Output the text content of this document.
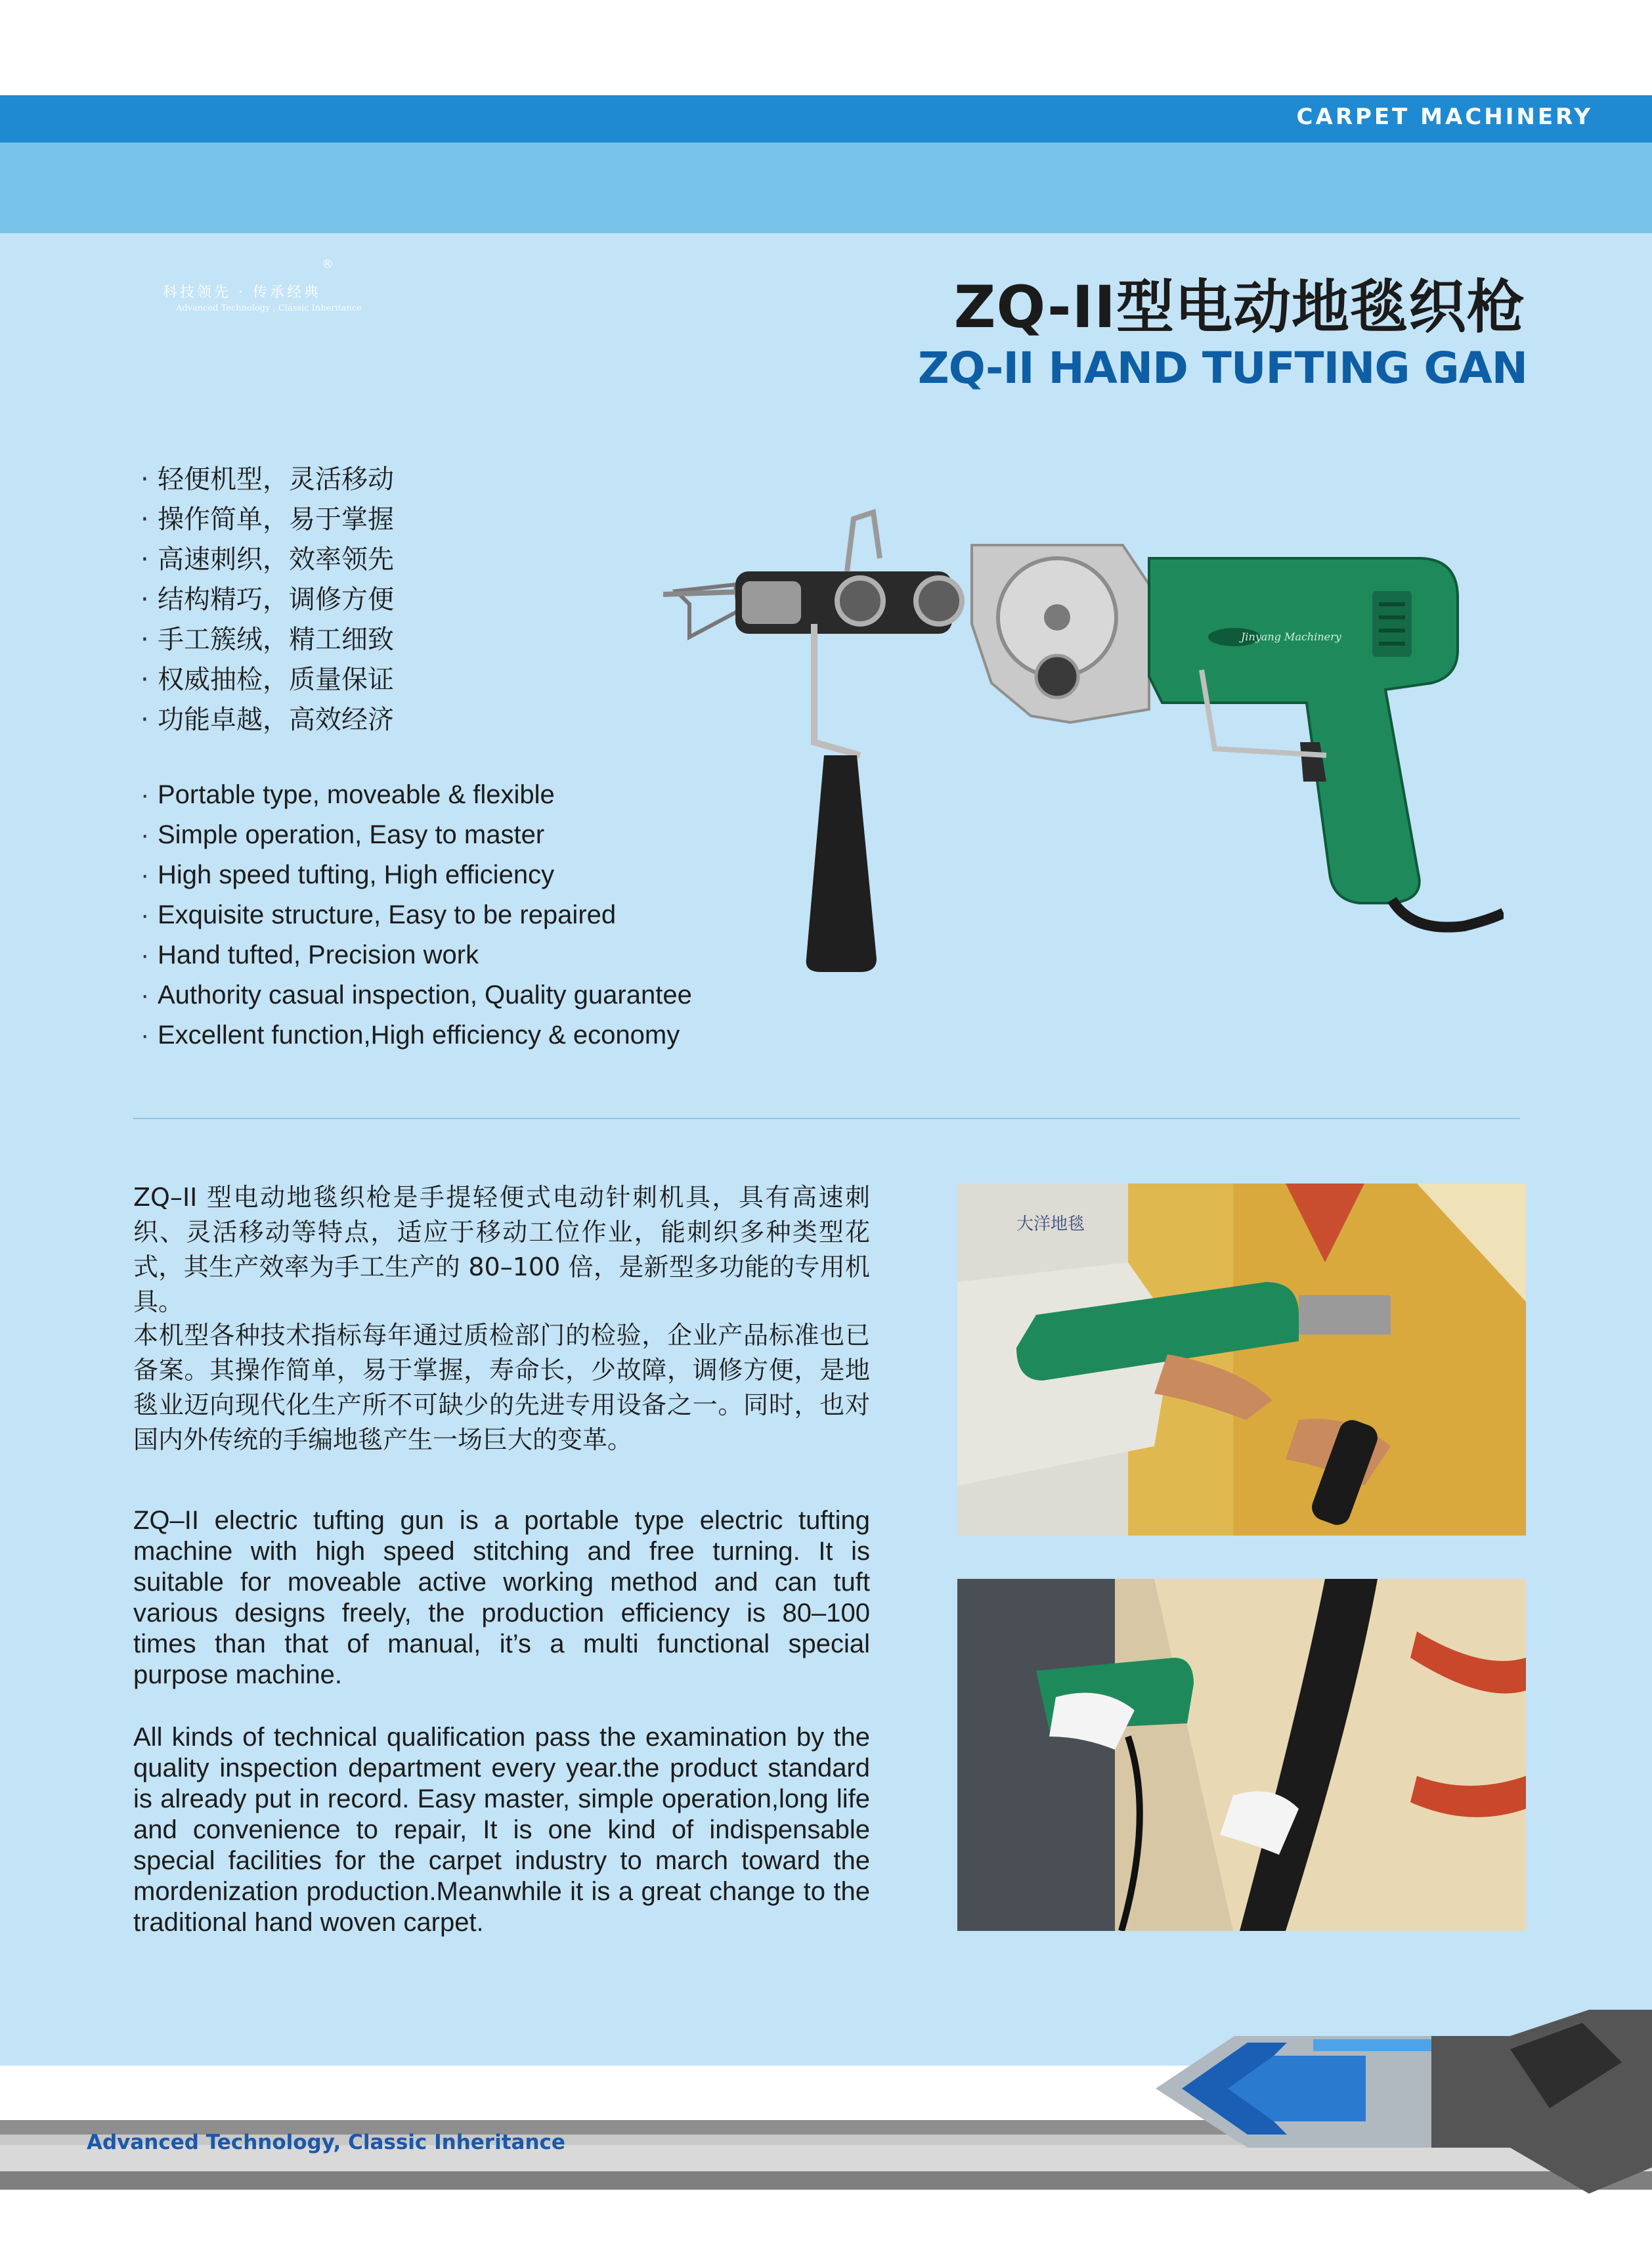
CARPET MACHINERY
®
科技领先 · 传承经典
Advanced Technology , Classic Inheritance	ZQ-II型电动地毯织枪
ZQ-II HAND TUFTING GAN
· 轻便机型，灵活移动
· 操作简单，易于掌握
· 高速刺织，效率领先
· 结构精巧，调修方便
· 手工簇绒，精工细致
· 权威抽检，质量保证
· 功能卓越，高效经济
· Portable type, moveable & flexible
· Simple operation, Easy to master
· High speed tufting, High efficiency
· Exquisite structure, Easy to be repaired
· Hand tufted, Precision work
· Authority casual inspection, Quality guarantee
· Excellent function,High efficiency & economy
Jinyang Machinery

ZQ–II 型电动地毯织枪是手提轻便式电动针刺机具，具有高速刺织、灵活移动等特点，适应于移动工位作业，能刺织多种类型花式，其生产效率为手工生产的 80–100 倍，是新型多功能的专用机具。

本机型各种技术指标每年通过质检部门的检验，企业产品标准也已备案。其操作简单，易于掌握，寿命长，少故障，调修方便，是地毯业迈向现代化生产所不可缺少的先进专用设备之一。同时，也对国内外传统的手编地毯产生一场巨大的变革。

ZQ–II electric tufting gun is a portable type electric tufting machine with high speed stitching and free turning. It is suitable for moveable active working method and can tuft various designs freely, the production efficiency is 80–100 times than that of manual, it’s a multi functional special purpose machine.

All kinds of technical qualification pass the examination by the quality inspection department every year.the product standard is already put in record. Easy master, simple operation,long life and convenience to repair, It is one kind of indispensable special facilities for the carpet industry to march toward the mordenization production.Meanwhile it is a great change to the traditional hand woven carpet.

大洋地毯
Advanced Technology, Classic Inheritance
